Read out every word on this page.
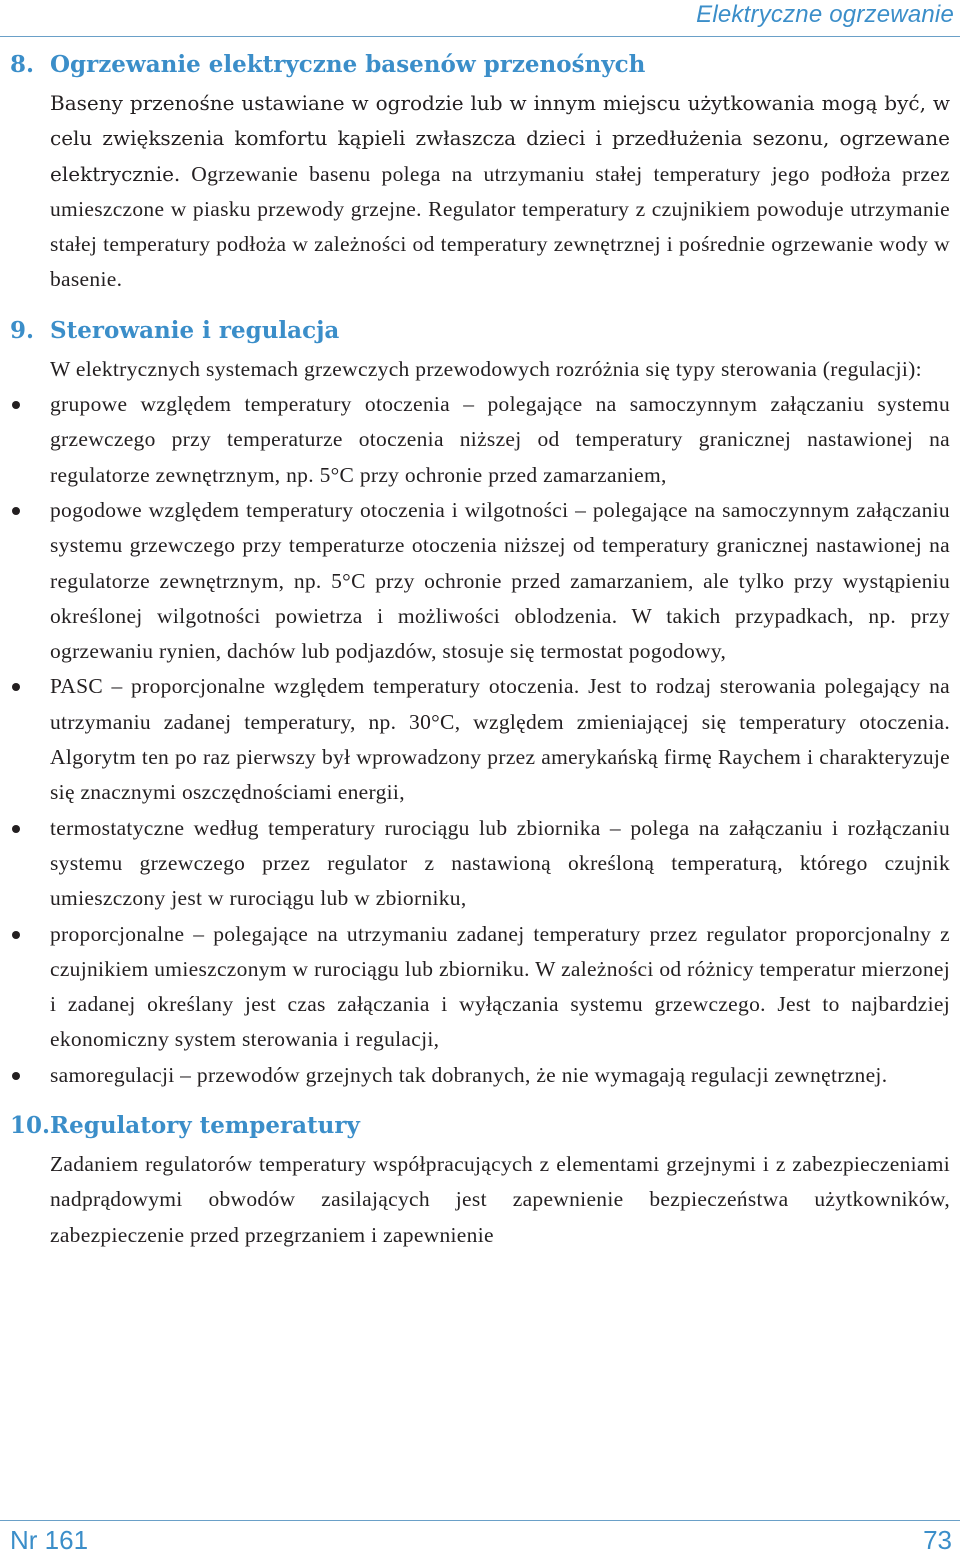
Elektryczne ogrzewanie
8. Ogrzewanie elektryczne basenów przenośnych

Baseny przenośne ustawiane w ogrodzie lub w innym miejscu użytkowania mogą być, w celu zwiększenia komfortu kąpieli zwłaszcza dzieci i przedłużenia sezonu, ogrzewane elektrycznie. Ogrzewanie basenu polega na utrzymaniu stałej temperatury jego podłoża przez umieszczone w piasku przewody grzejne. Regulator temperatury z czujnikiem powoduje utrzymanie stałej temperatury podłoża w zależności od temperatury zewnętrznej i pośrednie ogrzewanie wody w basenie.

9. Sterowanie i regulacja

W elektrycznych systemach grzewczych przewodowych rozróżnia się typy sterowania (regulacji):

grupowe względem temperatury otoczenia – polegające na samoczynnym załączaniu systemu grzewczego przy temperaturze otoczenia niższej od temperatury granicznej nastawionej na regulatorze zewnętrznym, np. 5°C przy ochronie przed zamarzaniem,
pogodowe względem temperatury otoczenia i wilgotności – polegające na samoczynnym załączaniu systemu grzewczego przy temperaturze otoczenia niższej od temperatury granicznej nastawionej na regulatorze zewnętrznym, np. 5°C przy ochronie przed zamarzaniem, ale tylko przy wystąpieniu określonej wilgotności powietrza i możliwości oblodzenia. W takich przypadkach, np. przy ogrzewaniu rynien, dachów lub podjazdów, stosuje się termostat pogodowy,
PASC – proporcjonalne względem temperatury otoczenia. Jest to rodzaj sterowania polegający na utrzymaniu zadanej temperatury, np. 30°C, względem zmieniającej się temperatury otoczenia. Algorytm ten po raz pierwszy był wprowadzony przez amerykańską firmę Raychem i charakteryzuje się znacznymi oszczędnościami energii,
termostatyczne według temperatury rurociągu lub zbiornika – polega na załączaniu i rozłączaniu systemu grzewczego przez regulator z nastawioną określoną temperaturą, którego czujnik umieszczony jest w rurociągu lub w zbiorniku,
proporcjonalne – polegające na utrzymaniu zadanej temperatury przez regulator proporcjonalny z czujnikiem umieszczonym w rurociągu lub zbiorniku. W zależności od różnicy temperatur mierzonej i zadanej określany jest czas załączania i wyłączania systemu grzewczego. Jest to najbardziej ekonomiczny system sterowania i regulacji,
samoregulacji – przewodów grzejnych tak dobranych, że nie wymagają regulacji zewnętrznej.
10. Regulatory temperatury

Zadaniem regulatorów temperatury współpracujących z elementami grzejnymi i z zabezpieczeniami nadprądowymi obwodów zasilających jest zapewnienie bezpieczeństwa użytkowników, zabezpieczenie przed przegrzaniem i zapewnienie

Nr 161	73
